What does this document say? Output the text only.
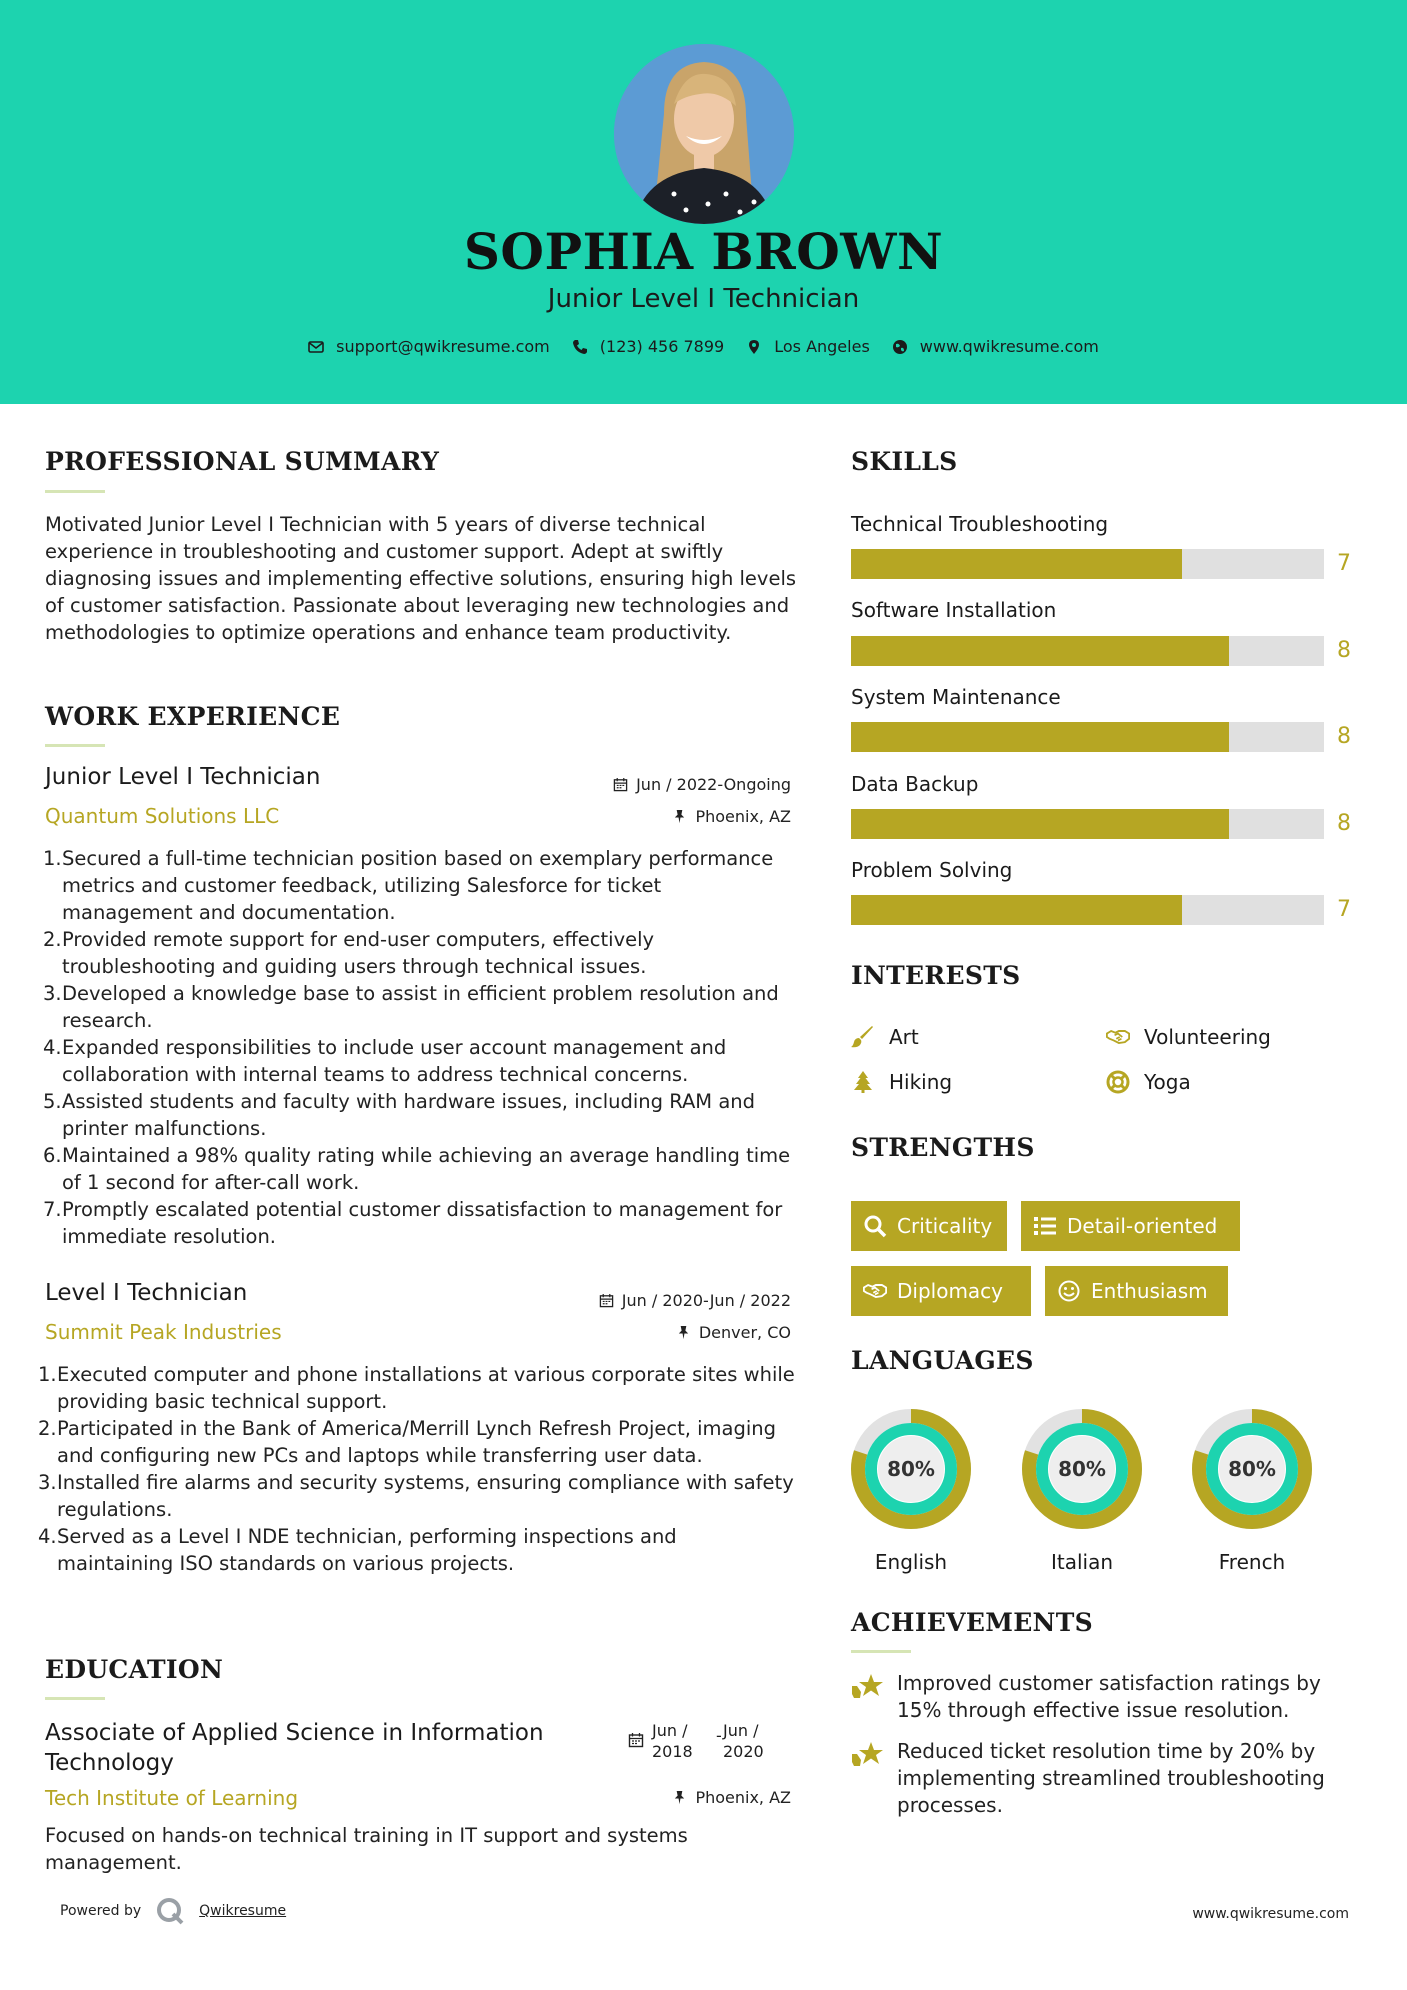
SOPHIA BROWN
Junior Level I Technician
support@qwikresume.com	(123) 456 7899	Los Angeles	www.qwikresume.com
PROFESSIONAL SUMMARY
Motivated Junior Level I Technician with 5 years of diverse technical experience in troubleshooting and customer support. Adept at swiftly diagnosing issues and implementing effective solutions, ensuring high levels of customer satisfaction. Passionate about leveraging new technologies and methodologies to optimize operations and enhance team productivity.
WORK EXPERIENCE
Junior Level I Technician	Jun / 2022-Ongoing
Quantum Solutions LLC	Phoenix, AZ
1. Secured a full-time technician position based on exemplary performance metrics and customer feedback, utilizing Salesforce for ticket management and documentation.
2. Provided remote support for end-user computers, effectively troubleshooting and guiding users through technical issues.
3. Developed a knowledge base to assist in efficient problem resolution and research.
4. Expanded responsibilities to include user account management and collaboration with internal teams to address technical concerns.
5. Assisted students and faculty with hardware issues, including RAM and printer malfunctions.
6. Maintained a 98% quality rating while achieving an average handling time of 1 second for after-call work.
7. Promptly escalated potential customer dissatisfaction to management for immediate resolution.
Level I Technician	Jun / 2020-Jun / 2022
Summit Peak Industries	Denver, CO
1. Executed computer and phone installations at various corporate sites while providing basic technical support.
2. Participated in the Bank of America/Merrill Lynch Refresh Project, imaging and configuring new PCs and laptops while transferring user data.
3. Installed fire alarms and security systems, ensuring compliance with safety regulations.
4. Served as a Level I NDE technician, performing inspections and maintaining ISO standards on various projects.
EDUCATION
Associate of Applied Science in Information Technology
Jun /
2018
- Jun /
2020
Tech Institute of Learning	Phoenix, AZ
Focused on hands-on technical training in IT support and systems management.
SKILLS
Technical Troubleshooting
7
Software Installation
8
System Maintenance
8
Data Backup
8
Problem Solving
7
INTERESTS
Art	Volunteering
Hiking	Yoga
STRENGTHS
Criticality	Detail-oriented
Diplomacy	Enthusiasm
LANGUAGES
80%
English
80%
Italian
80%
French
ACHIEVEMENTS
Improved customer satisfaction ratings by 15% through effective issue resolution.
Reduced ticket resolution time by 20% by implementing streamlined troubleshooting processes.
Powered by	Qwikresume	www.qwikresume.com
